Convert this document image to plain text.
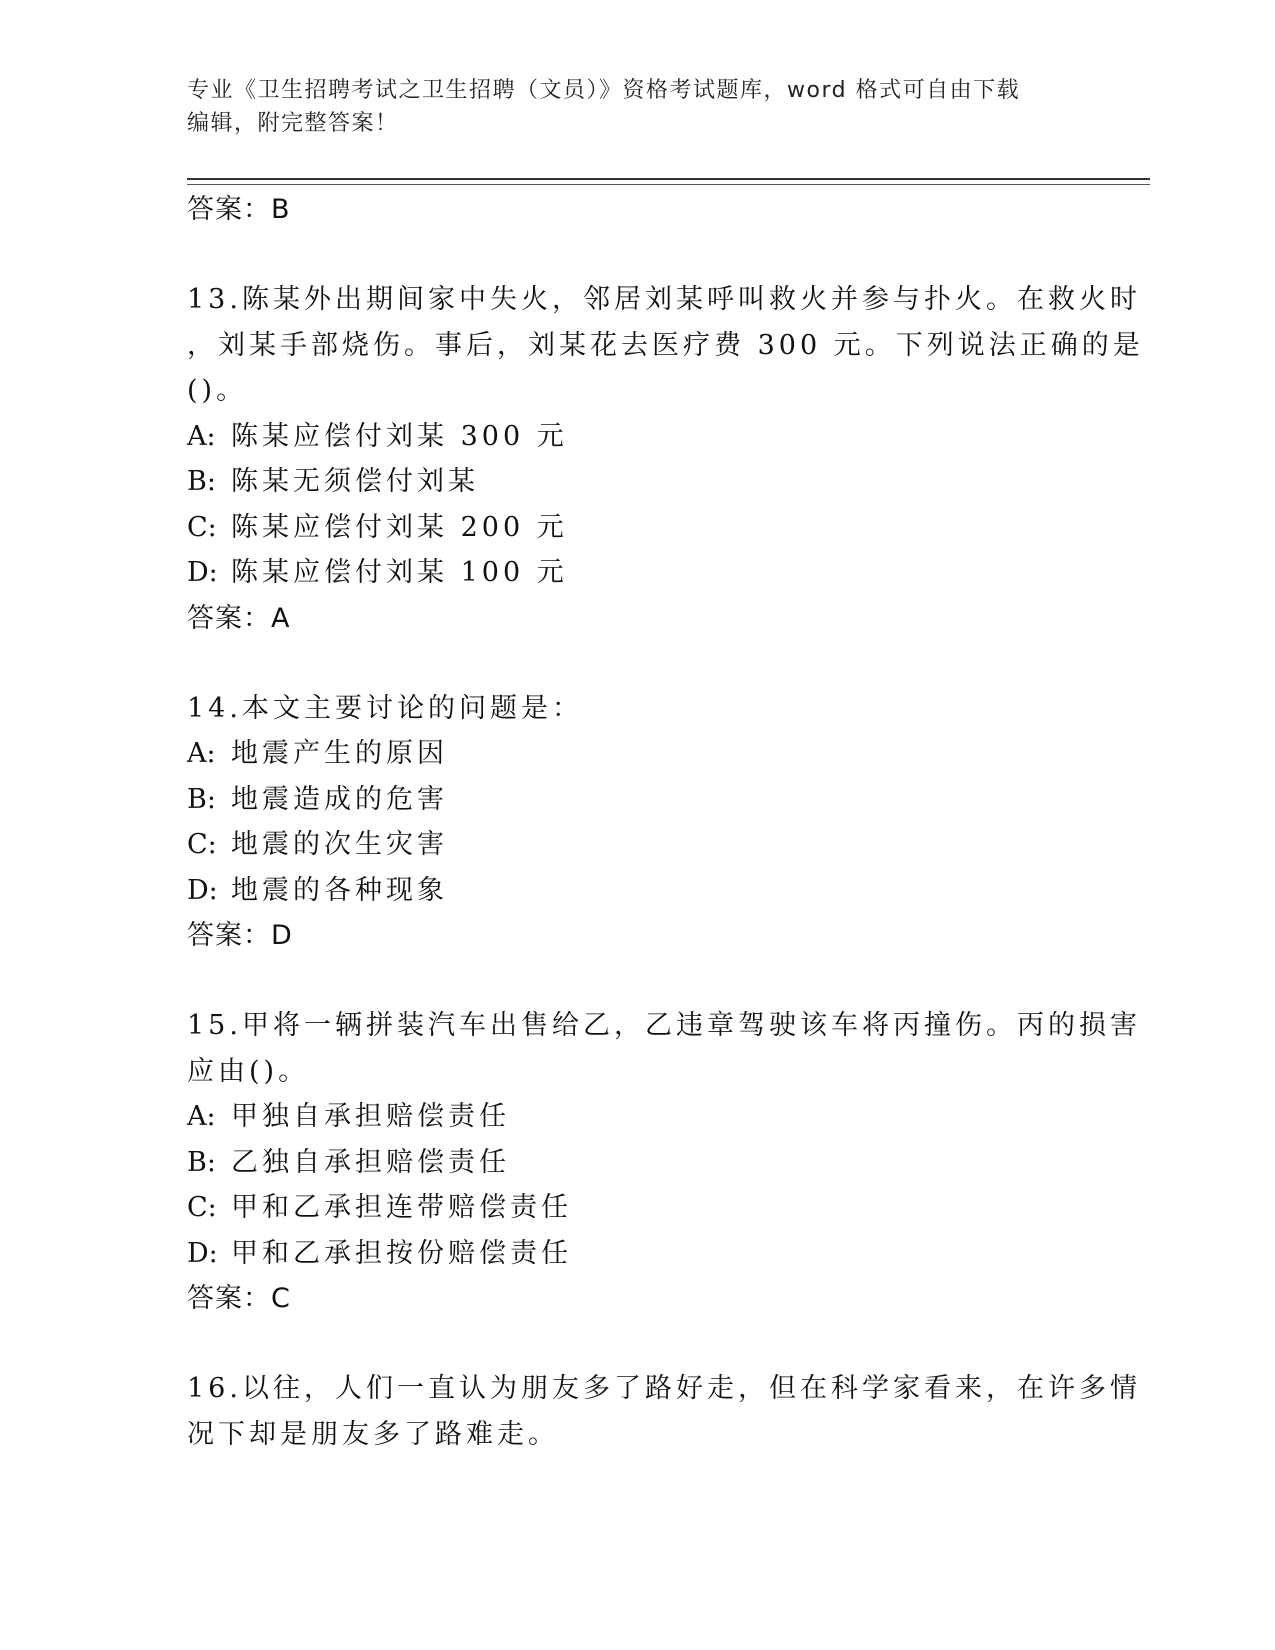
专业《卫生招聘考试之卫生招聘（文员）》资格考试题库，word 格式可自由下载
编辑，附完整答案！
答案：B
13.陈某外出期间家中失火，邻居刘某呼叫救火并参与扑火。在救火时
，刘某手部烧伤。事后，刘某花去医疗费 300 元。下列说法正确的是
()。
A: 陈某应偿付刘某 300 元
B: 陈某无须偿付刘某
C: 陈某应偿付刘某 200 元
D: 陈某应偿付刘某 100 元
答案：A
14.本文主要讨论的问题是：
A: 地震产生的原因
B: 地震造成的危害
C: 地震的次生灾害
D: 地震的各种现象
答案：D
15.甲将一辆拼装汽车出售给乙，乙违章驾驶该车将丙撞伤。丙的损害
应由()。
A: 甲独自承担赔偿责任
B: 乙独自承担赔偿责任
C: 甲和乙承担连带赔偿责任
D: 甲和乙承担按份赔偿责任
答案：C
16.以往，人们一直认为朋友多了路好走，但在科学家看来，在许多情
况下却是朋友多了路难走。
